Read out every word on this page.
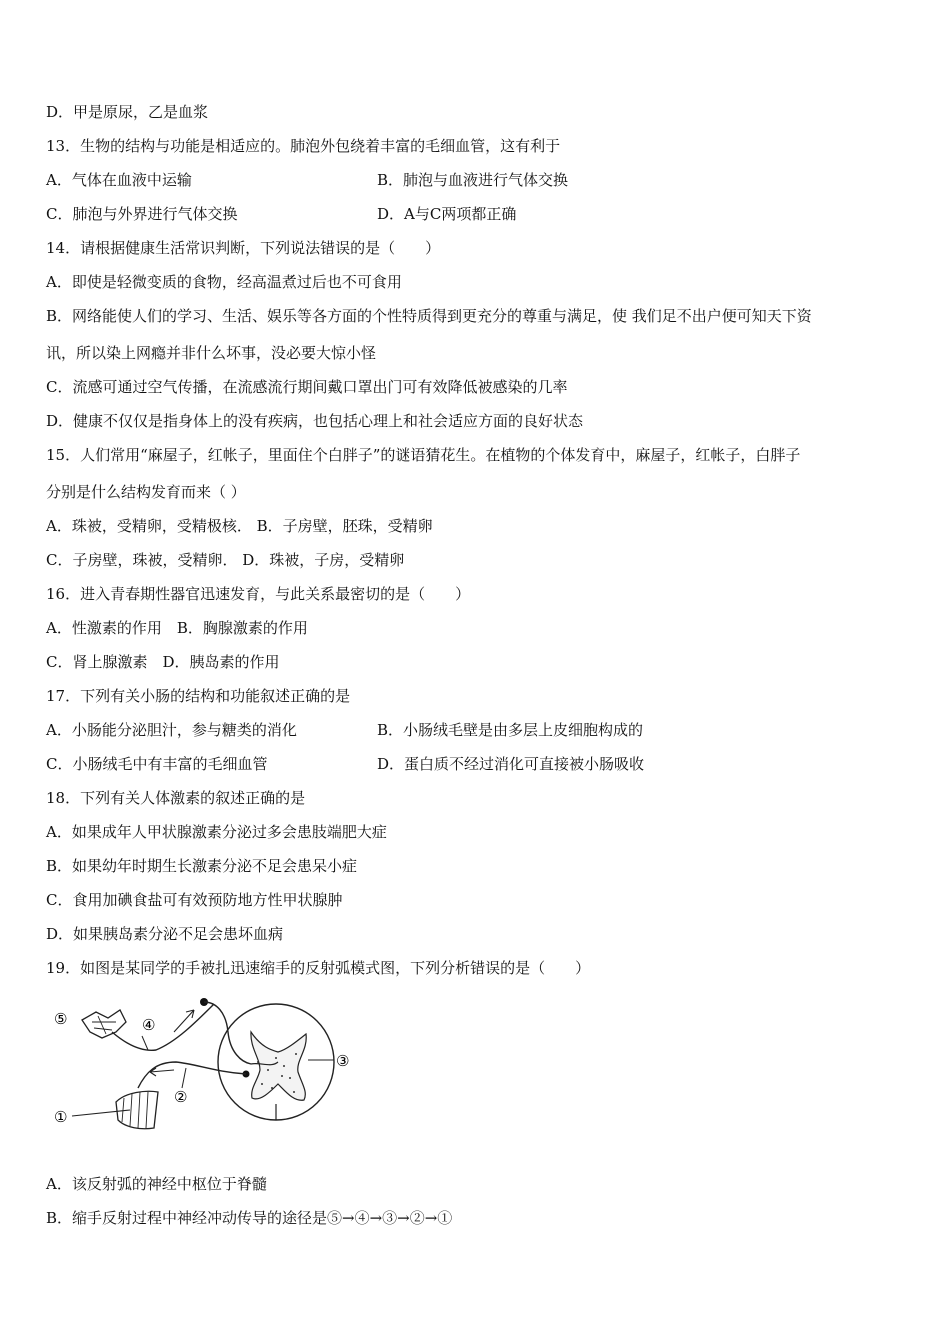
D．甲是原尿，乙是血浆
13．生物的结构与功能是相适应的。肺泡外包绕着丰富的毛细血管，这有利于
A．气体在血液中运输	B．肺泡与血液进行气体交换
C．肺泡与外界进行气体交换	D．A与C两项都正确
14．请根据健康生活常识判断，下列说法错误的是（　　）
A．即使是轻微变质的食物，经高温煮过后也不可食用
B．网络能使人们的学习、生活、娱乐等各方面的个性特质得到更充分的尊重与满足，使 我们足不出户便可知天下资
讯，所以染上网瘾并非什么坏事，没必要大惊小怪
C．流感可通过空气传播，在流感流行期间戴口罩出门可有效降低被感染的几率
D．健康不仅仅是指身体上的没有疾病，也包括心理上和社会适应方面的良好状态
15．人们常用“麻屋子，红帐子，里面住个白胖子”的谜语猜花生。在植物的个体发育中，麻屋子，红帐子，白胖子
分别是什么结构发育而来（ ）
A．珠被，受精卵，受精极核． B．子房壁，胚珠，受精卵
C．子房壁，珠被，受精卵． D．珠被，子房，受精卵
16．进入青春期性器官迅速发育，与此关系最密切的是（　　）
A．性激素的作用　B．胸腺激素的作用
C．肾上腺激素　D．胰岛素的作用
17．下列有关小肠的结构和功能叙述正确的是
A．小肠能分泌胆汁，参与糖类的消化	B．小肠绒毛壁是由多层上皮细胞构成的
C．小肠绒毛中有丰富的毛细血管	D．蛋白质不经过消化可直接被小肠吸收
18．下列有关人体激素的叙述正确的是
A．如果成年人甲状腺激素分泌过多会患肢端肥大症
B．如果幼年时期生长激素分泌不足会患呆小症
C．食用加碘食盐可有效预防地方性甲状腺肿
D．如果胰岛素分泌不足会患坏血病
19．如图是某同学的手被扎迅速缩手的反射弧模式图，下列分析错误的是（　　）
A．该反射弧的神经中枢位于脊髓
B．缩手反射过程中神经冲动传导的途径是⑤→④→③→②→①
⑤	④
③
②
①
